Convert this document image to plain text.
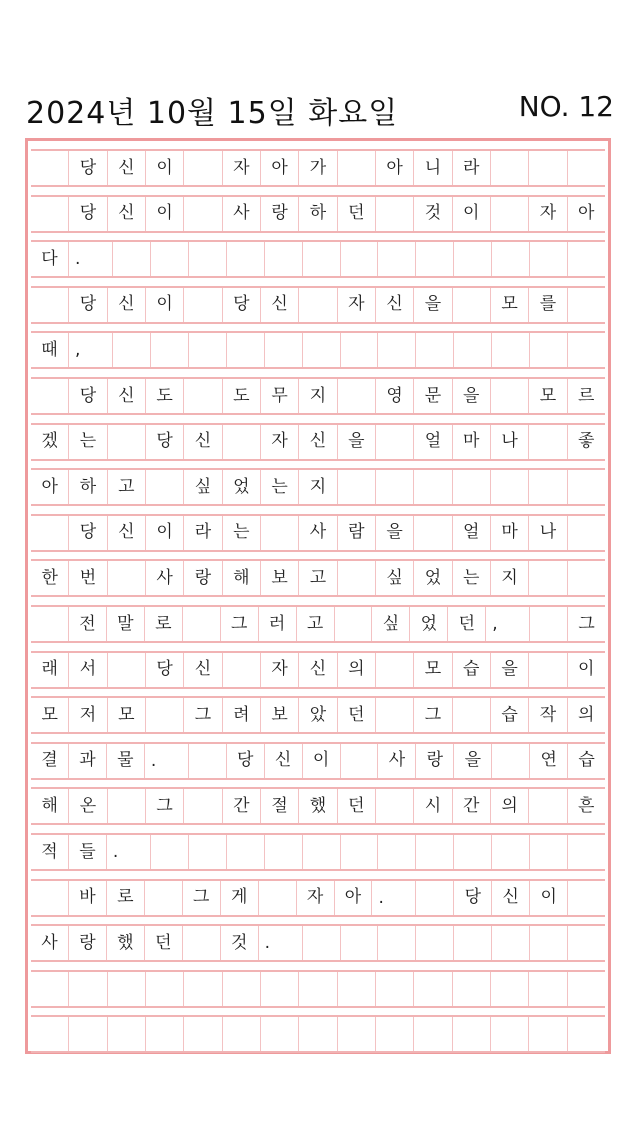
2024년 10월 15일 화요일	NO. 12
당	신	이	자	아	가	아	니	라
당	신	이	사	랑	하	던	것	이	자	아
다	.
당	신	이	당	신	자	신	을	모	를
때	,
당	신	도	도	무	지	영	문	을	모	르
겠	는	당	신	자	신	을	얼	마	나	좋
아	하	고	싶	었	는	지
당	신	이	라	는	사	람	을	얼	마	나
한	번	사	랑	해	보	고	싶	었	는	지
전	말	로	그	러	고	싶	었	던	,	그
래	서	당	신	자	신	의	모	습	을	이
모	저	모	그	려	보	았	던	그	습	작	의
결	과	물	.	당	신	이	사	랑	을	연	습
해	온	그	간	절	했	던	시	간	의	흔
적	들	.
바	로	그	게	자	아	.	당	신	이
사	랑	했	던	것	.
